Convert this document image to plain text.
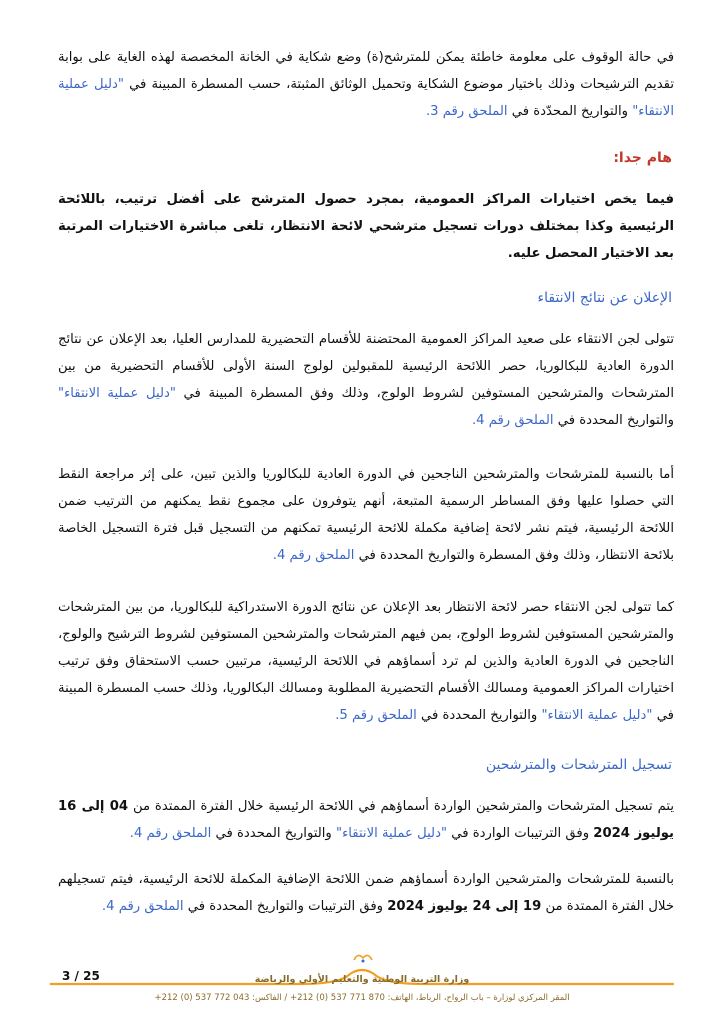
في حالة الوقوف على معلومة خاطئة يمكن للمترشح(ة) وضع شكاية في الخانة المخصصة لهذه الغاية على بوابة تقديم الترشيحات وذلك باختيار موضوع الشكاية وتحميل الوثائق المثبتة، حسب المسطرة المبينة في "دليل عملية الانتقاء" والتواريخ المحدّدة في الملحق رقم 3.
هام جدا:
فيما يخص اختيارات المراكز العمومية، بمجرد حصول المترشح على أفضل ترتيب، باللائحة الرئيسية وكذا بمختلف دورات تسجيل مترشحي لائحة الانتظار، تلغى مباشرة الاختيارات المرتبة بعد الاختيار المحصل عليه.
الإعلان عن نتائج الانتقاء
تتولى لجن الانتقاء على صعيد المراكز العمومية المحتضنة للأقسام التحضيرية للمدارس العليا، بعد الإعلان عن نتائج الدورة العادية للبكالوريا، حصر اللائحة الرئيسية للمقبولين لولوج السنة الأولى للأقسام التحضيرية من بين المترشحات والمترشحين المستوفين لشروط الولوج، وذلك وفق المسطرة المبينة في "دليل عملية الانتقاء" والتواريخ المحددة في الملحق رقم 4.
أما بالنسبة للمترشحات والمترشحين الناجحين في الدورة العادية للبكالوريا والذين تبين، على إثر مراجعة النقط التي حصلوا عليها وفق المساطر الرسمية المتبعة، أنهم يتوفرون على مجموع نقط يمكنهم من الترتيب ضمن اللائحة الرئيسية، فيتم نشر لائحة إضافية مكملة للائحة الرئيسية تمكنهم من التسجيل قبل فترة التسجيل الخاصة بلائحة الانتظار، وذلك وفق المسطرة والتواريخ المحددة في الملحق رقم 4.
كما تتولى لجن الانتقاء حصر لائحة الانتظار بعد الإعلان عن نتائج الدورة الاستدراكية للبكالوريا، من بين المترشحات والمترشحين المستوفين لشروط الولوج، بمن فيهم المترشحات والمترشحين المستوفين لشروط الترشيح والولوج، الناجحين في الدورة العادية والذين لم ترد أسماؤهم في اللائحة الرئيسية، مرتبين حسب الاستحقاق وفق ترتيب اختيارات المراكز العمومية ومسالك الأقسام التحضيرية المطلوبة ومسالك البكالوريا، وذلك حسب المسطرة المبينة في "دليل عملية الانتقاء" والتواريخ المحددة في الملحق رقم 5.
تسجيل المترشحات والمترشحين
يتم تسجيل المترشحات والمترشحين الواردة أسماؤهم في اللائحة الرئيسية خلال الفترة الممتدة من 04 إلى 16 يوليوز 2024 وفق الترتيبات الواردة في "دليل عملية الانتقاء" والتواريخ المحددة في الملحق رقم 4.
بالنسبة للمترشحات والمترشحين الواردة أسماؤهم ضمن اللائحة الإضافية المكملة للائحة الرئيسية، فيتم تسجيلهم خلال الفترة الممتدة من 19 إلى 24 يوليوز 2024 وفق الترتيبات والتواريخ المحددة في الملحق رقم 4.
3 / 25	وزارة التربية الوطنية والتعليم الأولي والرياضة
المقر المركزي لوزارة – باب الرواح، الرباط، الهاتف: 870 771 537 (0) 212+ / الفاكس: 043 772 537 (0) 212+
